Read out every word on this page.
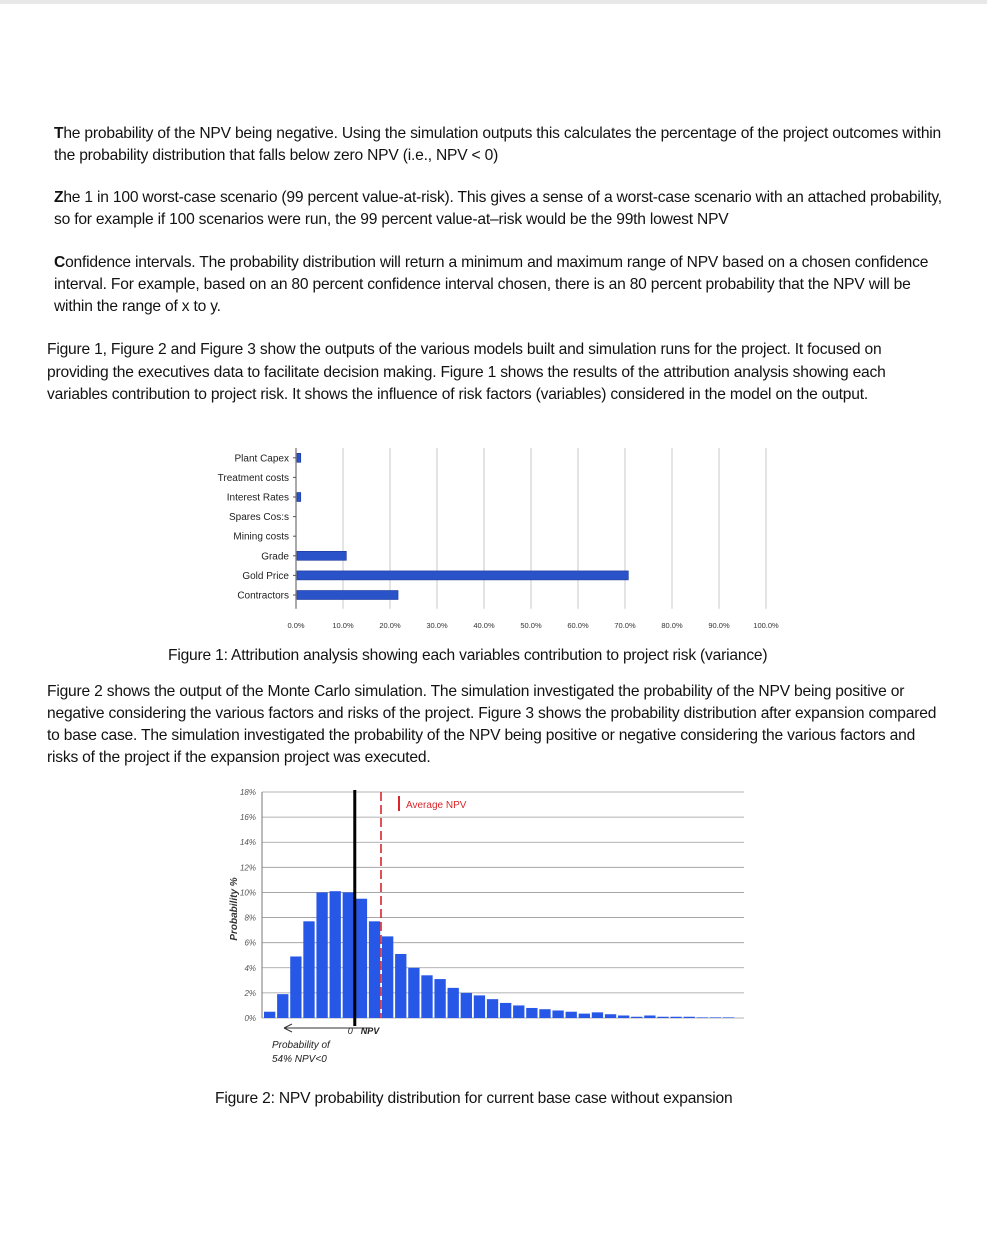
The probability of the NPV being negative. Using the simulation outputs this calculates the percentage of the project outcomes within the probability distribution that falls below zero NPV (i.e., NPV < 0)

Zhe 1 in 100 worst-case scenario (99 percent value-at-risk). This gives a sense of a worst-case scenario with an attached probability, so for example if 100 scenarios were run, the 99 percent value-at–risk would be the 99th lowest NPV

Confidence intervals. The probability distribution will return a minimum and maximum range of NPV based on a chosen confidence interval. For example, based on an 80 percent confidence interval chosen, there is an 80 percent probability that the NPV will be within the range of x to y.

Figure 1, Figure 2 and Figure 3 show the outputs of the various models built and simulation runs for the project. It focused on providing the executives data to facilitate decision making. Figure 1 shows the results of the attribution analysis showing each variables contribution to project risk. It shows the influence of risk factors (variables) considered in the model on the output.

0.0%	10.0%	20.0%	30.0%	40.0%	50.0%	60.0%	70.0%	80.0%	90.0%	100.0%
Plant Capex
Treatment costs
Interest Rates
Spares Cos:s
Mining costs
Grade
Gold Price
Contractors
Figure 1: Attribution analysis showing each variables contribution to project risk (variance)

Figure 2 shows the output of the Monte Carlo simulation. The simulation investigated the probability of the NPV being positive or negative considering the various factors and risks of the project. Figure 3 shows the probability distribution after expansion compared to base case. The simulation investigated the probability of the NPV being positive or negative considering the various factors and risks of the project if the expansion project was executed.

0%
2%
4%
6%
8%
10%
12%
14%
16%
18%
Probability %
Average NPV
0 NPV
Probability of
54% NPV<0
Figure 2: NPV probability distribution for current base case without expansion
